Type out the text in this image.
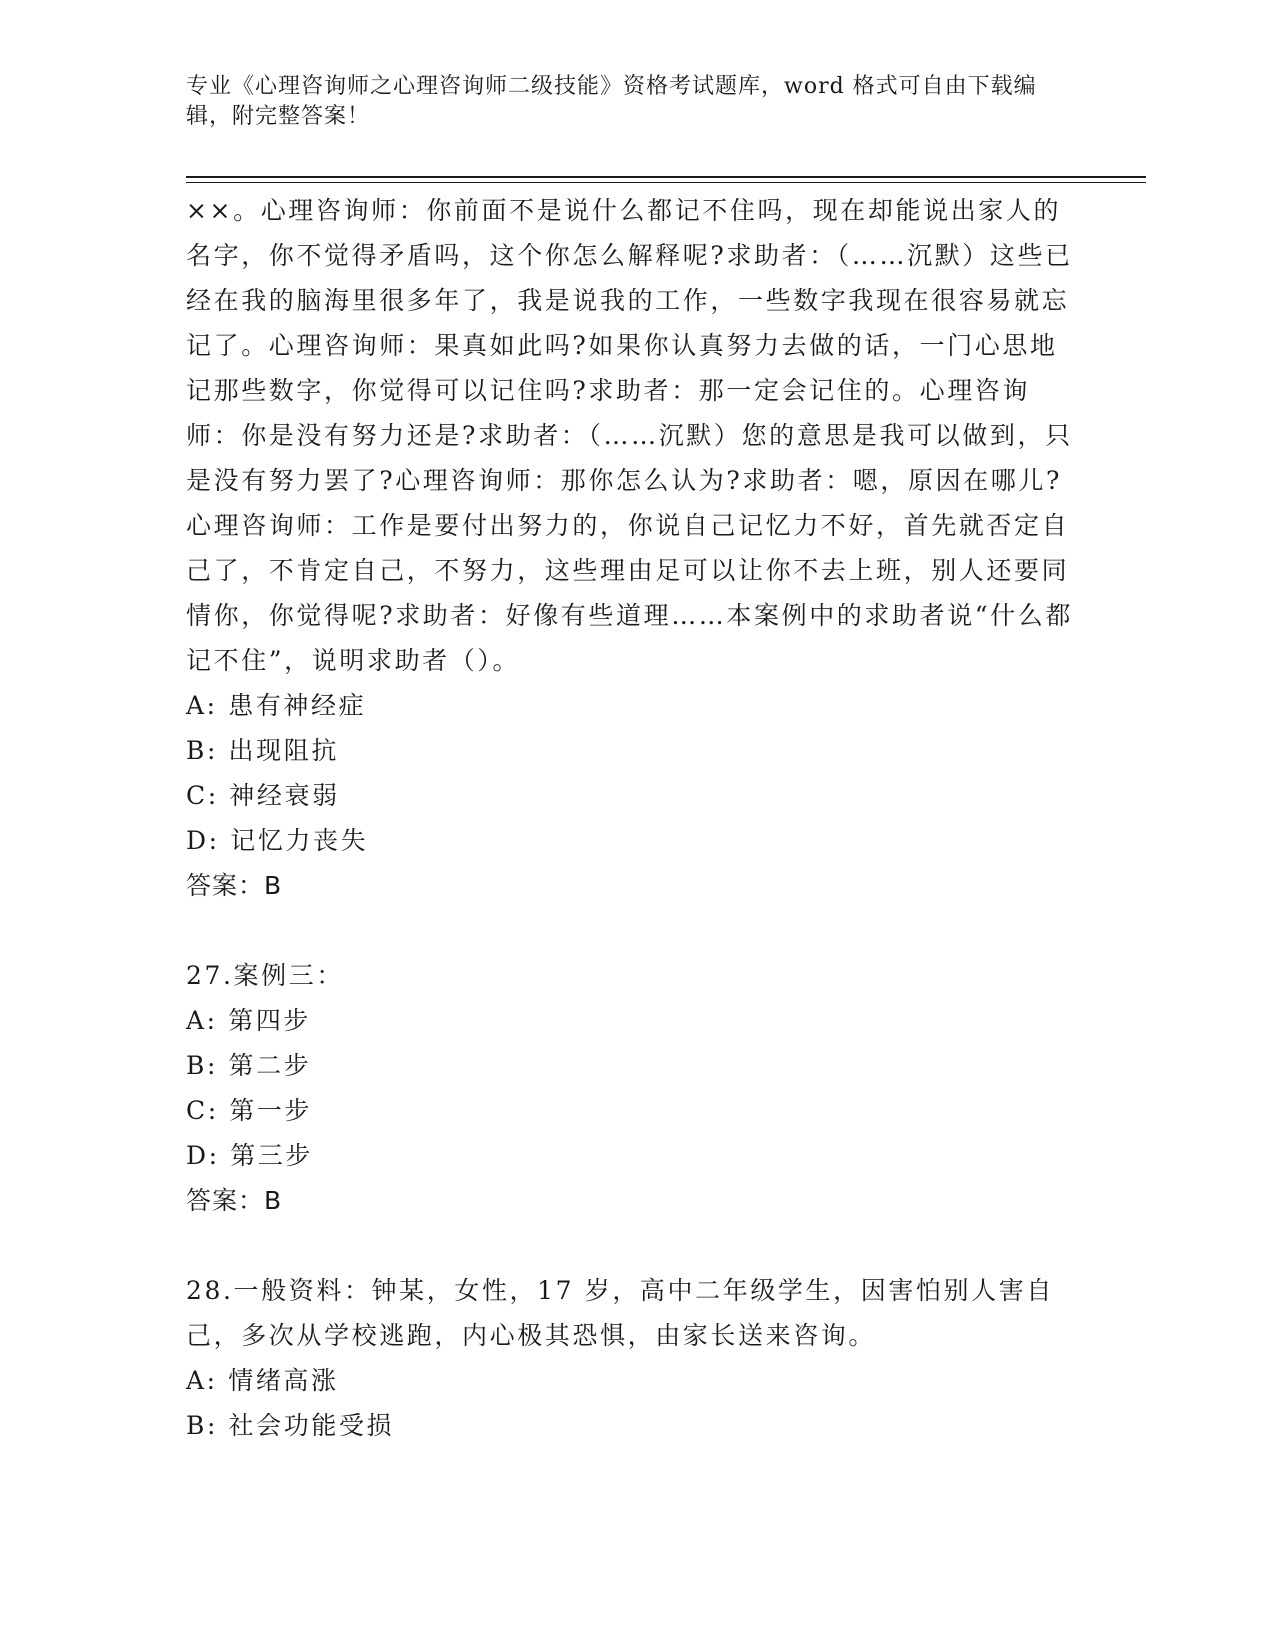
专业《心理咨询师之心理咨询师二级技能》资格考试题库，word 格式可自由下载编辑，附完整答案！

××。心理咨询师：你前面不是说什么都记不住吗，现在却能说出家人的名字，你不觉得矛盾吗，这个你怎么解释呢?求助者：（……沉默）这些已经在我的脑海里很多年了，我是说我的工作，一些数字我现在很容易就忘记了。心理咨询师：果真如此吗?如果你认真努力去做的话，一门心思地记那些数字，你觉得可以记住吗?求助者：那一定会记住的。心理咨询师：你是没有努力还是?求助者：（……沉默）您的意思是我可以做到，只是没有努力罢了?心理咨询师：那你怎么认为?求助者：嗯，原因在哪儿?心理咨询师：工作是要付出努力的，你说自己记忆力不好，首先就否定自己了，不肯定自己，不努力，这些理由足可以让你不去上班，别人还要同情你，你觉得呢?求助者：好像有些道理……本案例中的求助者说“什么都记不住”，说明求助者（）。

A: 患有神经症

B: 出现阻抗

C: 神经衰弱

D: 记忆力丧失

答案：B

27.案例三：

A: 第四步

B: 第二步

C: 第一步

D: 第三步

答案：B

28.一般资料：钟某，女性，17 岁，高中二年级学生，因害怕别人害自己，多次从学校逃跑，内心极其恐惧，由家长送来咨询。

A: 情绪高涨

B: 社会功能受损
